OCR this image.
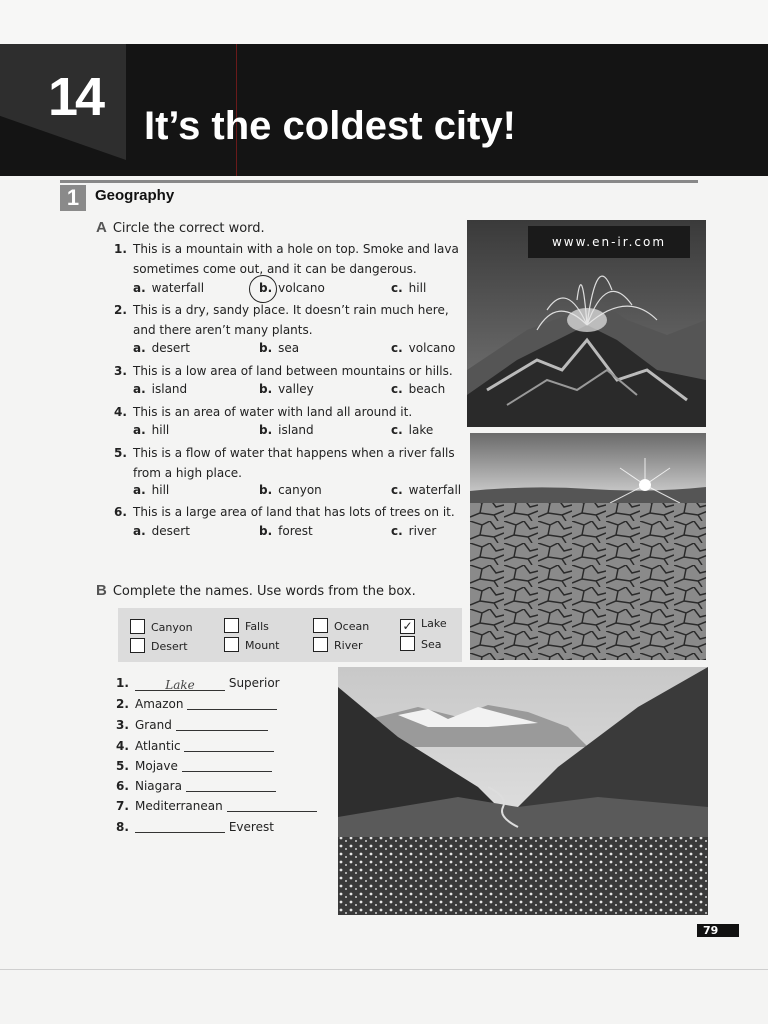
14 It’s the coldest city!
1	Geography
A Circle the correct word.
1. This is a mountain with a hole on top. Smoke and lava sometimes come out, and it can be dangerous.
a. waterfall	b. volcano	c. hill
2. This is a dry, sandy place. It doesn’t rain much here, and there aren’t many plants.
a. desert	b. sea	c. volcano
3. This is a low area of land between mountains or hills.
a. island	b. valley	c. beach
4. This is an area of water with land all around it.
a. hill	b. island	c. lake
5. This is a flow of water that happens when a river falls from a high place.
a. hill	b. canyon	c. waterfall
6. This is a large area of land that has lots of trees on it.
a. desert	b. forest	c. river
B Complete the names. Use words from the box.
Canyon	Falls	Ocean	✓ Lake
Desert	Mount	River	Sea
1.	Lake	Superior
2. Amazon
3. Grand
4. Atlantic
5. Mojave
6. Niagara
7. Mediterranean
8.	Everest
www.en-ir.com
79
